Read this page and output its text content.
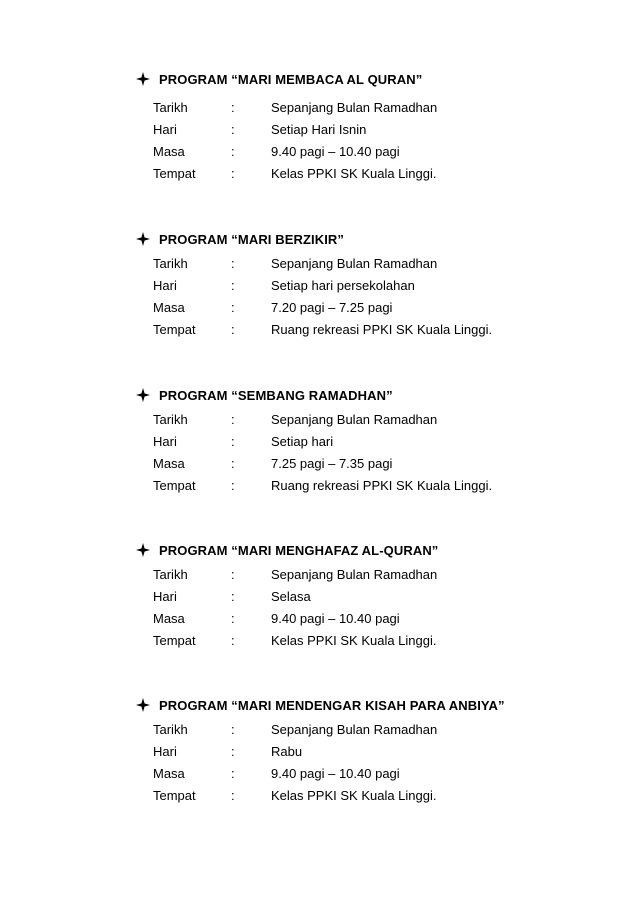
PROGRAM “MARI MEMBACA AL QURAN”
Tarikh	:	Sepanjang Bulan Ramadhan
Hari	:	Setiap Hari Isnin
Masa	:	9.40 pagi – 10.40 pagi
Tempat	:	Kelas PPKI SK Kuala Linggi.
PROGRAM “MARI BERZIKIR”
Tarikh	:	Sepanjang Bulan Ramadhan
Hari	:	Setiap hari persekolahan
Masa	:	7.20 pagi – 7.25 pagi
Tempat	:	Ruang rekreasi PPKI SK Kuala Linggi.
PROGRAM “SEMBANG RAMADHAN”
Tarikh	:	Sepanjang Bulan Ramadhan
Hari	:	Setiap hari
Masa	:	7.25 pagi – 7.35 pagi
Tempat	:	Ruang rekreasi PPKI SK Kuala Linggi.
PROGRAM “MARI MENGHAFAZ AL-QURAN”
Tarikh	:	Sepanjang Bulan Ramadhan
Hari	:	Selasa
Masa	:	9.40 pagi – 10.40 pagi
Tempat	:	Kelas PPKI SK Kuala Linggi.
PROGRAM “MARI MENDENGAR KISAH PARA ANBIYA”
Tarikh	:	Sepanjang Bulan Ramadhan
Hari	:	Rabu
Masa	:	9.40 pagi – 10.40 pagi
Tempat	:	Kelas PPKI SK Kuala Linggi.
